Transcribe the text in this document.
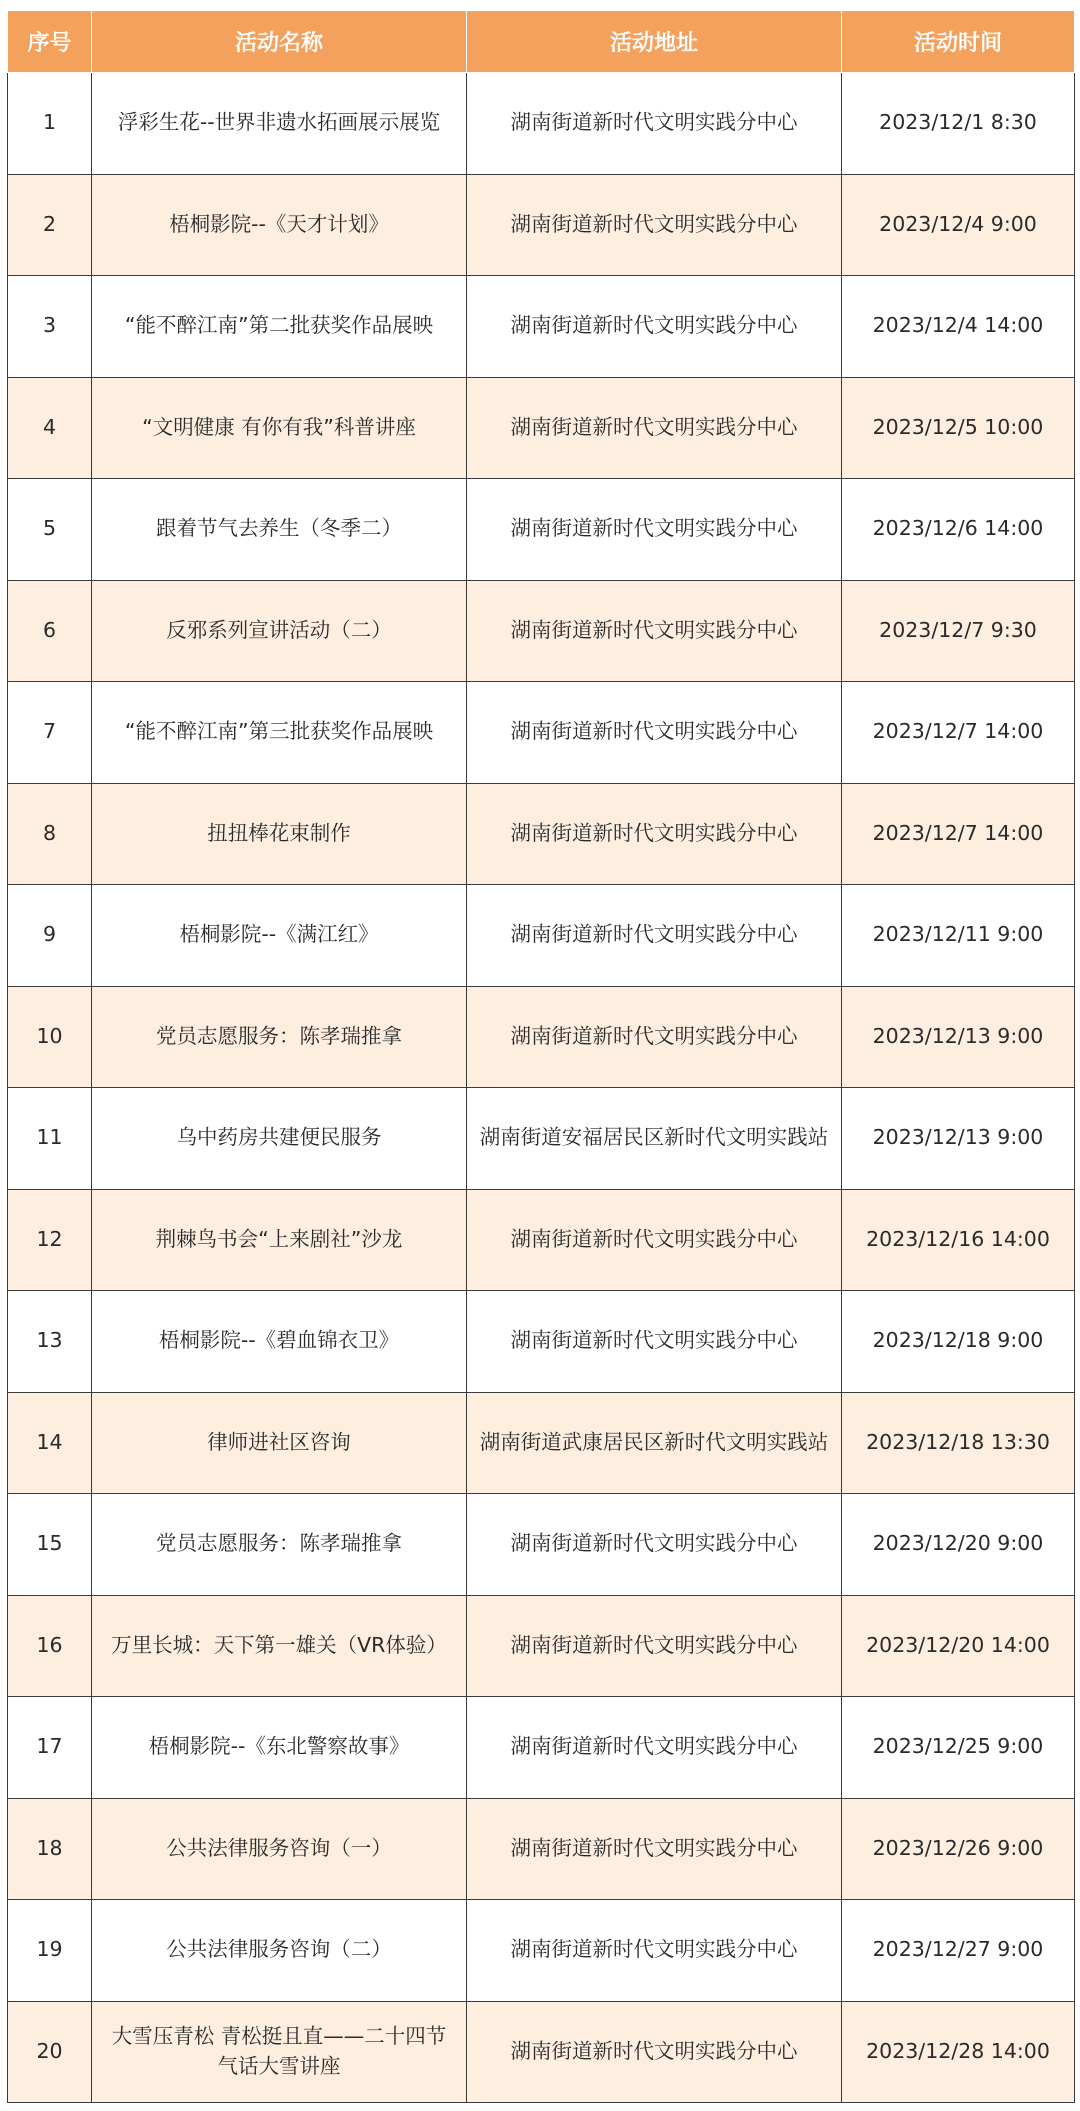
序号	活动名称	活动地址	活动时间
1	浮彩生花--世界非遗水拓画展示展览	湖南街道新时代文明实践分中心	2023/12/1 8:30
2	梧桐影院--《天才计划》	湖南街道新时代文明实践分中心	2023/12/4 9:00
3	“能不醉江南”第二批获奖作品展映	湖南街道新时代文明实践分中心	2023/12/4 14:00
4	“文明健康 有你有我”科普讲座	湖南街道新时代文明实践分中心	2023/12/5 10:00
5	跟着节气去养生（冬季二）	湖南街道新时代文明实践分中心	2023/12/6 14:00
6	反邪系列宣讲活动（二）	湖南街道新时代文明实践分中心	2023/12/7 9:30
7	“能不醉江南”第三批获奖作品展映	湖南街道新时代文明实践分中心	2023/12/7 14:00
8	扭扭棒花束制作	湖南街道新时代文明实践分中心	2023/12/7 14:00
9	梧桐影院--《满江红》	湖南街道新时代文明实践分中心	2023/12/11 9:00
10	党员志愿服务：陈孝瑞推拿	湖南街道新时代文明实践分中心	2023/12/13 9:00
11	乌中药房共建便民服务	湖南街道安福居民区新时代文明实践站	2023/12/13 9:00
12	荆棘鸟书会“上来剧社”沙龙	湖南街道新时代文明实践分中心	2023/12/16 14:00
13	梧桐影院--《碧血锦衣卫》	湖南街道新时代文明实践分中心	2023/12/18 9:00
14	律师进社区咨询	湖南街道武康居民区新时代文明实践站	2023/12/18 13:30
15	党员志愿服务：陈孝瑞推拿	湖南街道新时代文明实践分中心	2023/12/20 9:00
16	万里长城：天下第一雄关（VR体验）	湖南街道新时代文明实践分中心	2023/12/20 14:00
17	梧桐影院--《东北警察故事》	湖南街道新时代文明实践分中心	2023/12/25 9:00
18	公共法律服务咨询（一）	湖南街道新时代文明实践分中心	2023/12/26 9:00
19	公共法律服务咨询（二）	湖南街道新时代文明实践分中心	2023/12/27 9:00
20	大雪压青松 青松挺且直——二十四节气话大雪讲座	湖南街道新时代文明实践分中心	2023/12/28 14:00
